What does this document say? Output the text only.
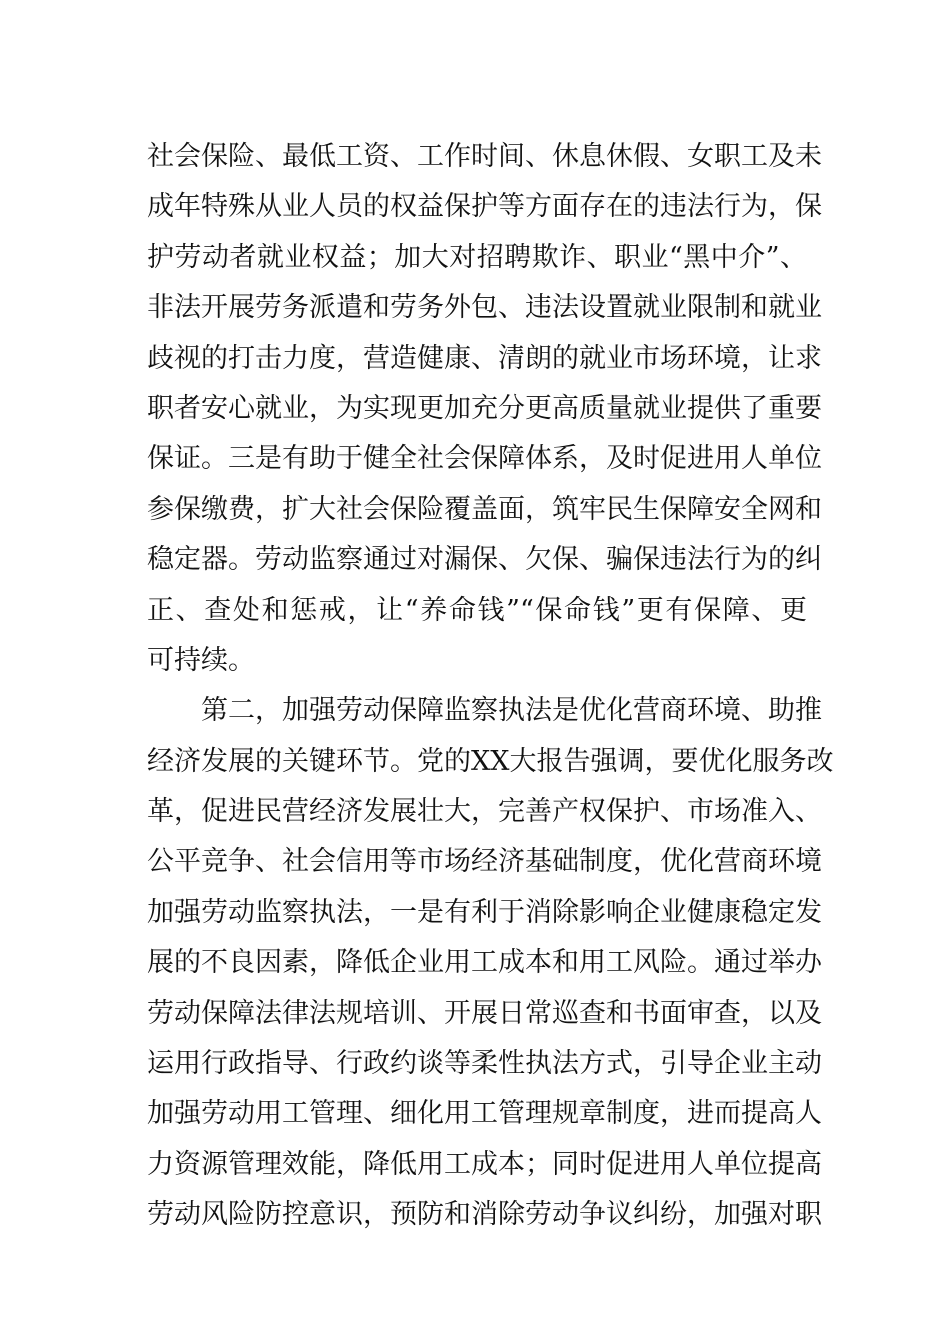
社会保险、最低工资、工作时间、休息休假、女职工及未
成年特殊从业人员的权益保护等方面存在的违法行为，保
护劳动者就业权益；加大对招聘欺诈、职业“黑中介”、
非法开展劳务派遣和劳务外包、违法设置就业限制和就业
歧视的打击力度，营造健康、清朗的就业市场环境，让求
职者安心就业，为实现更加充分更高质量就业提供了重要
保证。三是有助于健全社会保障体系，及时促进用人单位
参保缴费，扩大社会保险覆盖面，筑牢民生保障安全网和
稳定器。劳动监察通过对漏保、欠保、骗保违法行为的纠
正、查处和惩戒，让“养命钱”“保命钱”更有保障、更
可持续。
第二，加强劳动保障监察执法是优化营商环境、助推
经济发展的关键环节。党的XX大报告强调，要优化服务改
革，促进民营经济发展壮大，完善产权保护、市场准入、
公平竞争、社会信用等市场经济基础制度，优化营商环境
加强劳动监察执法，一是有利于消除影响企业健康稳定发
展的不良因素，降低企业用工成本和用工风险。通过举办
劳动保障法律法规培训、开展日常巡查和书面审查，以及
运用行政指导、行政约谈等柔性执法方式，引导企业主动
加强劳动用工管理、细化用工管理规章制度，进而提高人
力资源管理效能，降低用工成本；同时促进用人单位提高
劳动风险防控意识，预防和消除劳动争议纠纷，加强对职
